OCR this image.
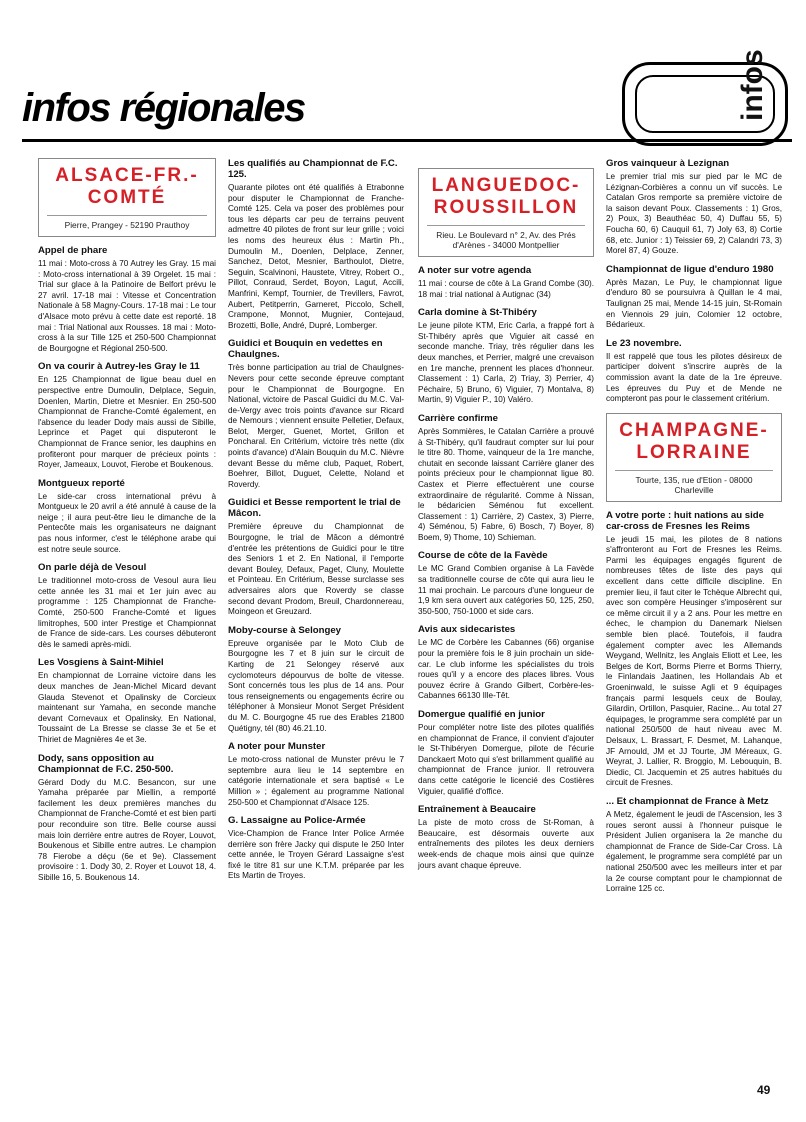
infos régionales	infos
ALSACE-FR.-COMTÉ
Pierre, Prangey - 52190 Prauthoy
Appel de phare
11 mai : Moto-cross à 70 Autrey les Gray. 15 mai : Moto-cross international à 39 Orgelet. 15 mai : Trial sur glace à la Patinoire de Belfort prévu le 27 avril. 17-18 mai : Vitesse et Concentration Nationale à 58 Magny-Cours. 17-18 mai : Le tour d'Alsace moto prévu à cette date est reporté. 18 mai : Trial National aux Rousses. 18 mai : Moto-cross à la sur Tille 125 et 250-500 Championnat de Bourgogne et Régional 250-500.
On va courir à Autrey-les Gray le 11
En 125 Championnat de ligue beau duel en perspective entre Dumoulin, Delplace, Seguin, Doenlen, Martin, Dietre et Mesnier. En 250-500 Championnat de Franche-Comté également, en l'absence du leader Dody mais aussi de Sibille, Leprince et Paget qui disputeront le Championnat de France senior, les dauphins en profiteront pour marquer de précieux points : Royer, Jameaux, Louvot, Fierobe et Boukenous.
Montgueux reporté
Le side-car cross international prévu à Montgueux le 20 avril a été annulé à cause de la neige ; il aura peut-être lieu le dimanche de la Pentecôte mais les organisateurs ne daignant pas nous informer, c'est le téléphone arabe qui est notre seule source.
On parle déjà de Vesoul
Le traditionnel moto-cross de Vesoul aura lieu cette année les 31 mai et 1er juin avec au programme : 125 Championnat de Franche-Comté, 250-500 Franche-Comté et ligues limitrophes, 500 inter Prestige et Championnat de France de side-cars. Les courses débuteront dès le samedi après-midi.
Les Vosgiens à Saint-Mihiel
En championnat de Lorraine victoire dans les deux manches de Jean-Michel Micard devant Glauda Stevenot et Opalinsky de Corcieux maintenant sur Yamaha, en seconde manche devant Cornevaux et Opalinsky. En National, Toussaint de La Bresse se classe 3e et 5e et Thiriet de Magnières 4e et 3e.
Dody, sans opposition au Championnat de F.C. 250-500.
Gérard Dody du M.C. Besancon, sur une Yamaha préparée par Miellin, a remporté facilement les deux premières manches du Championnat de Franche-Comté et est bien parti pour reconduire son titre. Belle course aussi mais loin derrière entre autres de Royer, Louvot, Boukenous et Sibille entre autres. Le champion 78 Fierobe a déçu (6e et 9e). Classement provisoire : 1. Dody 30, 2. Royer et Louvot 18, 4. Sibille 16, 5. Boukenous 14.
Les qualifiés au Championnat de F.C. 125.
Quarante pilotes ont été qualifiés à Etrabonne pour disputer le Championnat de Franche-Comté 125. Cela va poser des problèmes pour tous les départs car peu de terrains peuvent admettre 40 pilotes de front sur leur grille ; voici les noms des heureux élus : Martin Ph., Dumoulin M., Doenlen, Delplace, Zenner, Sanchez, Detot, Mesnier, Barthoulot, Dietre, Seguin, Scalvinoni, Haustete, Vitrey, Robert O., Pillot, Conraud, Serdet, Boyon, Lagut, Accili, Manfrini, Kempf, Tournier, de Trevillers, Favrot, Aubert, Petitperrin, Garneret, Piccolo, Schell, Crampone, Monnot, Mugnier, Contejaud, Brozetti, Bolle, André, Dupré, Lomberger.
Guidici et Bouquin en vedettes en Chaulgnes.
Très bonne participation au trial de Chaulgnes-Nevers pour cette seconde épreuve comptant pour le Championnat de Bourgogne. En National, victoire de Pascal Guidici du M.C. Val-de-Vergy avec trois points d'avance sur Ricard de Nemours ; viennent ensuite Pelletier, Defaux, Belot, Merger, Guenet, Mortet, Grillon et Poncharal. En Critérium, victoire très nette (dix points d'avance) d'Alain Bouquin du M.C. Nièvre devant Besse du même club, Paquet, Robert, Boehrer, Billot, Duguet, Celette, Noland et Roverdy.
Guidici et Besse remportent le trial de Mâcon.
Première épreuve du Championnat de Bourgogne, le trial de Mâcon a démontré d'entrée les prétentions de Guidici pour le titre des Seniors 1 et 2. En National, il l'emporte devant Bouley, Defaux, Paget, Cluny, Moulette et Pointeau. En Critérium, Besse surclasse ses adversaires alors que Roverdy se classe second devant Prodom, Breuil, Chardonnereau, Moingeon et Greuzard.
Moby-course à Selongey
Epreuve organisée par le Moto Club de Bourgogne les 7 et 8 juin sur le circuit de Karting de 21 Selongey réservé aux cyclomoteurs dépourvus de boîte de vitesse. Sont concernés tous les plus de 14 ans. Pour tous renseignements ou engagements écrire ou téléphoner à Monsieur Monot Serget Président du M. C. Bourgogne 45 rue des Erables 21800 Quétigny, tél (80) 46.21.10.
A noter pour Munster
Le moto-cross national de Munster prévu le 7 septembre aura lieu le 14 septembre en catégorie internationale et sera baptisé « Le Million » ; également au programme National 250-500 et Championnat d'Alsace 125.
G. Lassaigne au Police-Armée
Vice-Champion de France Inter Police Armée derrière son frère Jacky qui dispute le 250 Inter cette année, le Troyen Gérard Lassaigne s'est fixé le titre 81 sur une K.T.M. préparée par les Ets Martin de Troyes.
LANGUEDOC-ROUSSILLON
Rieu. Le Boulevard n° 2, Av. des Prés d'Arènes - 34000 Montpellier
A noter sur votre agenda
11 mai : course de côte à La Grand Combe (30). 18 mai : trial national à Autignac (34)
Carla domine à St-Thibéry
Le jeune pilote KTM, Eric Carla, a frappé fort à St-Thibéry après que Viguier ait cassé en seconde manche. Triay, très régulier dans les deux manches, et Perrier, malgré une crevaison en 1re manche, prennent les places d'honneur. Classement : 1) Carla, 2) Triay, 3) Perrier, 4) Péchaire, 5) Bruno, 6) Viguier, 7) Montalva, 8) Martin, 9) Viguier P., 10) Valéro.
Carrière confirme
Après Sommières, le Catalan Carrière a prouvé à St-Thibéry, qu'il faudraut compter sur lui pour le titre 80. Thome, vainqueur de la 1re manche, chutait en seconde laissant Carrière glaner des points précieux pour le championnat ligue 80. Castex et Pierre effectuèrent une course extraordinaire de régularité. Comme à Nissan, le bédaricien Séménou fut excellent. Classement : 1) Carrière, 2) Castex, 3) Pierre, 4) Séménou, 5) Fabre, 6) Bosch, 7) Boyer, 8) Boem, 9) Thome, 10) Schieman.
Course de côte de la Favède
Le MC Grand Combien organise à La Favède sa traditionnelle course de côte qui aura lieu le 11 mai prochain. Le parcours d'une longueur de 1,9 km sera ouvert aux catégories 50, 125, 250, 350-500, 750-1000 et side cars.
Avis aux sidecaristes
Le MC de Corbère les Cabannes (66) organise pour la première fois le 8 juin prochain un side-car. Le club informe les spécialistes du trois roues qu'il y a encore des places libres. Vous pouvez écrire à Grando Gilbert, Corbère-les-Cabannes 66130 Ille-Têt.
Domergue qualifié en junior
Pour compléter notre liste des pilotes qualifiés en championnat de France, il convient d'ajouter le St-Thibéryen Domergue, pilote de l'écurie Danckaert Moto qui s'est brillamment qualifié au championnat de France junior. Il retrouvera dans cette catégorie le licencié des Costières Viguier, qualifié d'office.
Entraînement à Beaucaire
La piste de moto cross de St-Roman, à Beaucaire, est désormais ouverte aux entraînements des pilotes les deux derniers week-ends de chaque mois ainsi que quinze jours avant chaque épreuve.
Gros vainqueur à Lezignan
Le premier trial mis sur pied par le MC de Lézignan-Corbières a connu un vif succès. Le Catalan Gros remporte sa première victoire de la saison devant Poux. Classements : 1) Gros, 2) Poux, 3) Beauthéac 50, 4) Duffau 55, 5) Foucha 60, 6) Cauquil 61, 7) Joly 63, 8) Cortie 68, etc. Junior : 1) Teissier 69, 2) Calandri 73, 3) Morel 87, 4) Gouze.
Championnat de ligue d'enduro 1980
Après Mazan, Le Puy, le championnat ligue d'enduro 80 se poursuivra à Quillan le 4 mai, Taulignan 25 mai, Mende 14-15 juin, St-Romain en Viennois 29 juin, Colomier 12 octobre, Bédarieux.
Le 23 novembre.
Il est rappelé que tous les pilotes désireux de participer doivent s'inscrire auprès de la commission avant la date de la 1re épreuve. Les épreuves du Puy et de Mende ne compteront pas pour le classement critérium.
CHAMPAGNE-LORRAINE
Tourte, 135, rue d'Etion - 08000 Charleville
A votre porte : huit nations au side car-cross de Fresnes les Reims
Le jeudi 15 mai, les pilotes de 8 nations s'affronteront au Fort de Fresnes les Reims. Parmi les équipages engagés figurent de nombreuses têtes de liste des pays qui excellent dans cette difficile discipline. En premier lieu, il faut citer le Tchèque Albrecht qui, avec son compère Heusinger s'imposèrent sur ce même circuit il y a 2 ans. Pour les mettre en échec, le champion du Danemark Nielsen semble bien placé. Toutefois, il faudra également compter avec les Allemands Weygand, Wellnitz, les Anglais Eliott et Lee, les Belges de Kort, Borms Pierre et Borms Thierry, le Finlandais Jaatinen, les Hollandais Ab et Groeninwald, le suisse Agli et 9 équipages français parmi lesquels ceux de Boulay, Gilardin, Ortillon, Pasquier, Racine... Au total 27 équipages, le programme sera complété par un national 250/500 de haut niveau avec M. Delsaux, L. Brassart, F. Desmet, M. Lahanque, JF Arnould, JM et JJ Tourte, JM Méreaux, G. Weyrat, J. Lallier, R. Broggio, M. Lebouquin, B. Diedic, Cl. Jacquemin et 25 autres habitués du circuit de Fresnes.
... Et championnat de France à Metz
A Metz, également le jeudi de l'Ascension, les 3 roues seront aussi à l'honneur puisque le Président Julien organisera la 2e manche du championnat de France de Side-Car Cross. Là également, le programme sera complété par un national 250/500 avec les meilleurs inter et par la 2e course comptant pour le championnat de Lorraine 125 cc.
49
